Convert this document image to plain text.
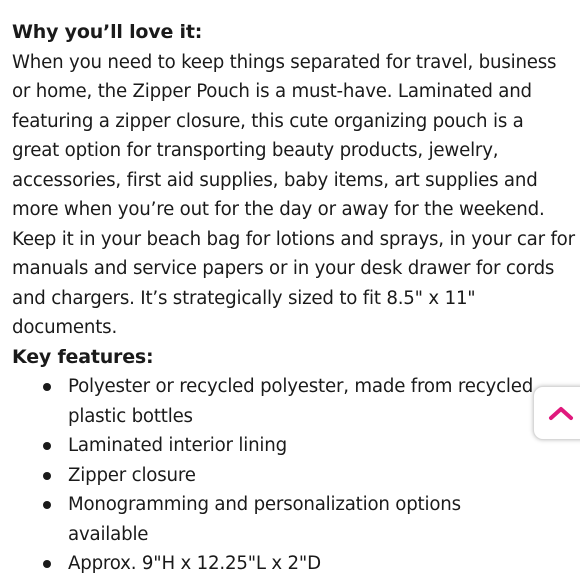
Why you’ll love it:

When you need to keep things separated for travel, business or home, the Zipper Pouch is a must-have. Laminated and featuring a zipper closure, this cute organizing pouch is a great option for transporting beauty products, jewelry, accessories, first aid supplies, baby items, art supplies and more when you’re out for the day or away for the weekend. Keep it in your beach bag for lotions and sprays, in your car for manuals and service papers or in your desk drawer for cords and chargers. It’s strategically sized to fit 8.5" x 11" documents.

Key features:

Polyester or recycled polyester, made from recycled plastic bottles
Laminated interior lining
Zipper closure
Monogramming and personalization options available
Approx. 9"H x 12.25"L x 2"D
